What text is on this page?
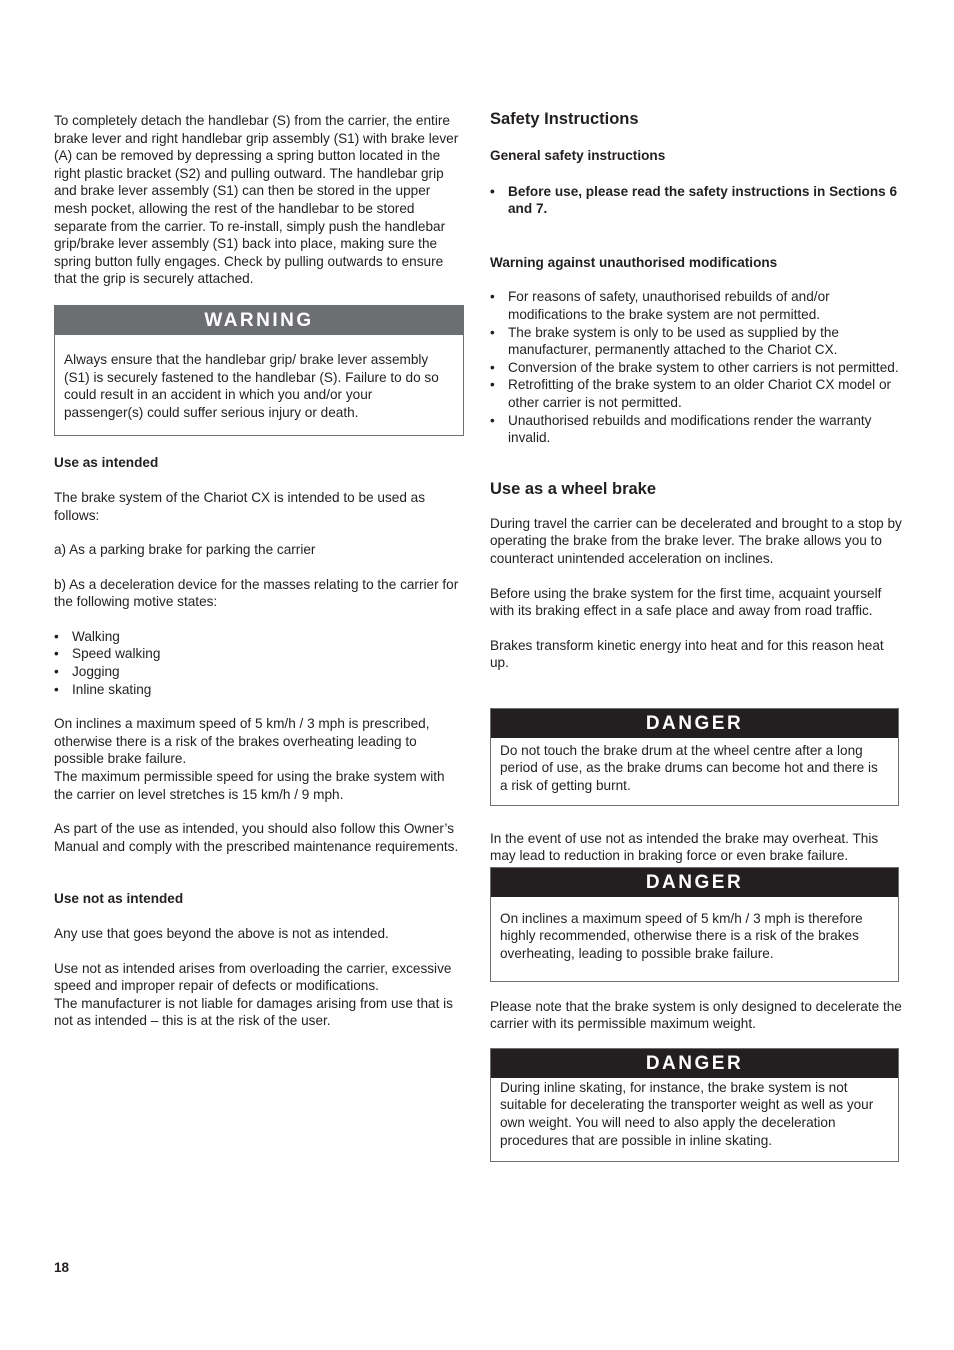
To completely detach the handlebar (S) from the carrier, the entire brake lever and right handlebar grip assembly (S1) with brake lever (A) can be removed by depressing a spring button located in the right plastic bracket (S2) and pulling outward. The handlebar grip and brake lever assembly (S1) can then be stored in the upper mesh pocket, allowing the rest of the handlebar to be stored separate from the carrier. To re-install, simply push the handlebar grip/brake lever assembly (S1) back into place, making sure the spring button fully engages. Check by pulling outwards to ensure that the grip is securely attached.

WARNING
Always ensure that the handlebar grip/ brake lever assembly (S1) is securely fastened to the handlebar (S). Failure to do so could result in an accident in which you and/or your passenger(s) could suffer serious injury or death.

Use as intended

The brake system of the Chariot CX is intended to be used as follows:

a) As a parking brake for parking the carrier

b) As a deceleration device for the masses relating to the carrier for the following motive states:

• Walking
• Speed walking
• Jogging
• Inline skating

On inclines a maximum speed of 5 km/h / 3 mph is prescribed, otherwise there is a risk of the brakes overheating leading to possible brake failure.

The maximum permissible speed for using the brake system with the carrier on level stretches is 15 km/h / 9 mph.

As part of the use as intended, you should also follow this Owner’s Manual and comply with the prescribed maintenance requirements.

Use not as intended

Any use that goes beyond the above is not as intended.

Use not as intended arises from overloading the carrier, excessive speed and improper repair of defects or modifications.

The manufacturer is not liable for damages arising from use that is not as intended – this is at the risk of the user.

Safety Instructions

General safety instructions

• Before use, please read the safety instructions in Sections 6 and 7.

Warning against unauthorised modifications

• For reasons of safety, unauthorised rebuilds of and/or modifications to the brake system are not permitted.
• The brake system is only to be used as supplied by the manufacturer, permanently attached to the Chariot CX.
• Conversion of the brake system to other carriers is not permitted.
• Retrofitting of the brake system to an older Chariot CX model or other carrier is not permitted.
• Unauthorised rebuilds and modifications render the warranty invalid.

Use as a wheel brake

During travel the carrier can be decelerated and brought to a stop by operating the brake from the brake lever. The brake allows you to counteract unintended acceleration on inclines.

Before using the brake system for the first time, acquaint yourself with its braking effect in a safe place and away from road traffic.

Brakes transform kinetic energy into heat and for this reason heat up.

DANGER
Do not touch the brake drum at the wheel centre after a long period of use, as the brake drums can become hot and there is a risk of getting burnt.

In the event of use not as intended the brake may overheat. This may lead to reduction in braking force or even brake failure.

DANGER
On inclines a maximum speed of 5 km/h / 3 mph is therefore highly recommended, otherwise there is a risk of the brakes overheating, leading to possible brake failure.

Please note that the brake system is only designed to decelerate the carrier with its permissible maximum weight.

DANGER
During inline skating, for instance, the brake system is not suitable for decelerating the transporter weight as well as your own weight. You will need to also apply the deceleration procedures that are possible in inline skating.
18
